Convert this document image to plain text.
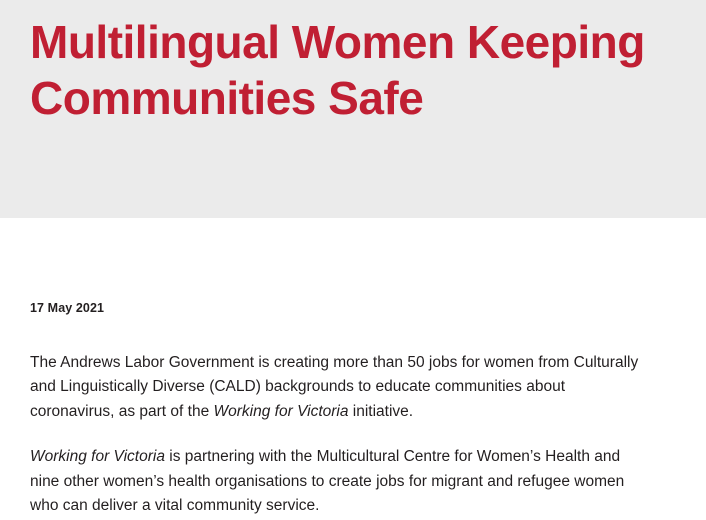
Multilingual Women Keeping Communities Safe
17 May 2021

The Andrews Labor Government is creating more than 50 jobs for women from Culturally and Linguistically Diverse (CALD) backgrounds to educate communities about coronavirus, as part of the Working for Victoria initiative.

Working for Victoria is partnering with the Multicultural Centre for Women’s Health and nine other women’s health organisations to create jobs for migrant and refugee women who can deliver a vital community service.
